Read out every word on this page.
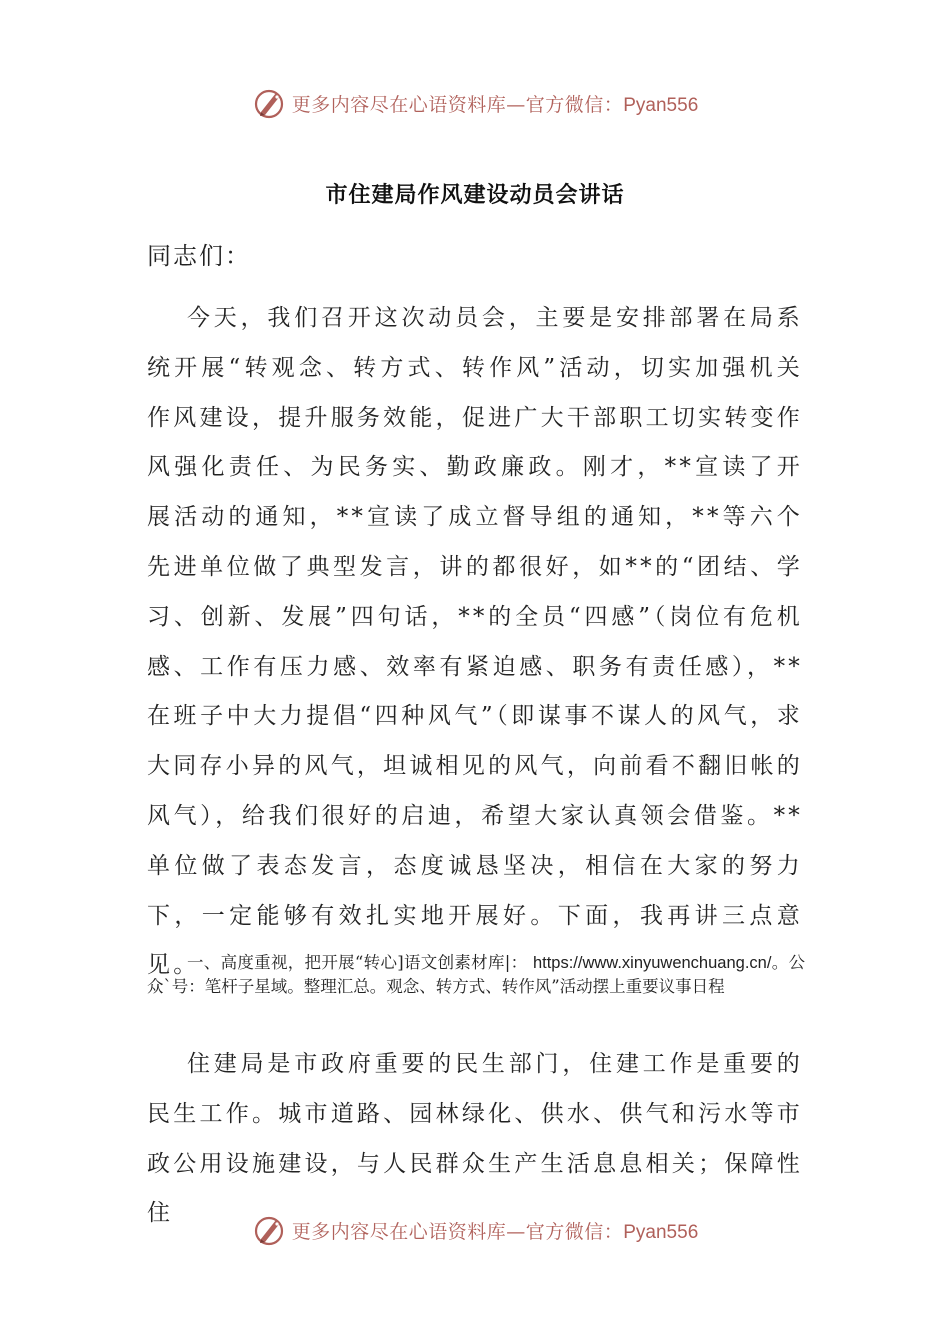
更多内容尽在心语资料库—官方微信：Pyan556
市住建局作风建设动员会讲话
同志们：

今天，我们召开这次动员会，主要是安排部署在局系统开展“转观念、转方式、转作风”活动，切实加强机关作风建设，提升服务效能，促进广大干部职工切实转变作风强化责任、为民务实、勤政廉政。刚才，**宣读了开展活动的通知，**宣读了成立督导组的通知，**等六个先进单位做了典型发言，讲的都很好，如**的“团结、学习、创新、发展”四句话，**的全员“四感”（岗位有危机感、工作有压力感、效率有紧迫感、职务有责任感），**在班子中大力提倡“四种风气”（即谋事不谋人的风气，求大同存小异的风气，坦诚相见的风气，向前看不翻旧帐的风气），给我们很好的启迪，希望大家认真领会借鉴。**单位做了表态发言，态度诚恳坚决，相信在大家的努力下，一定能够有效扎实地开展好。下面，我再讲三点意见。

一、高度重视，把开展“转心]语文创素材库|： https://www.xinyuwenchuang.cn/。公众`号：笔杆子星域。整理汇总。观念、转方式、转作风”活动摆上重要议事日程

住建局是市政府重要的民生部门，住建工作是重要的民生工作。城市道路、园林绿化、供水、供气和污水等市政公用设施建设，与人民群众生产生活息息相关；保障性住

更多内容尽在心语资料库—官方微信：Pyan556
